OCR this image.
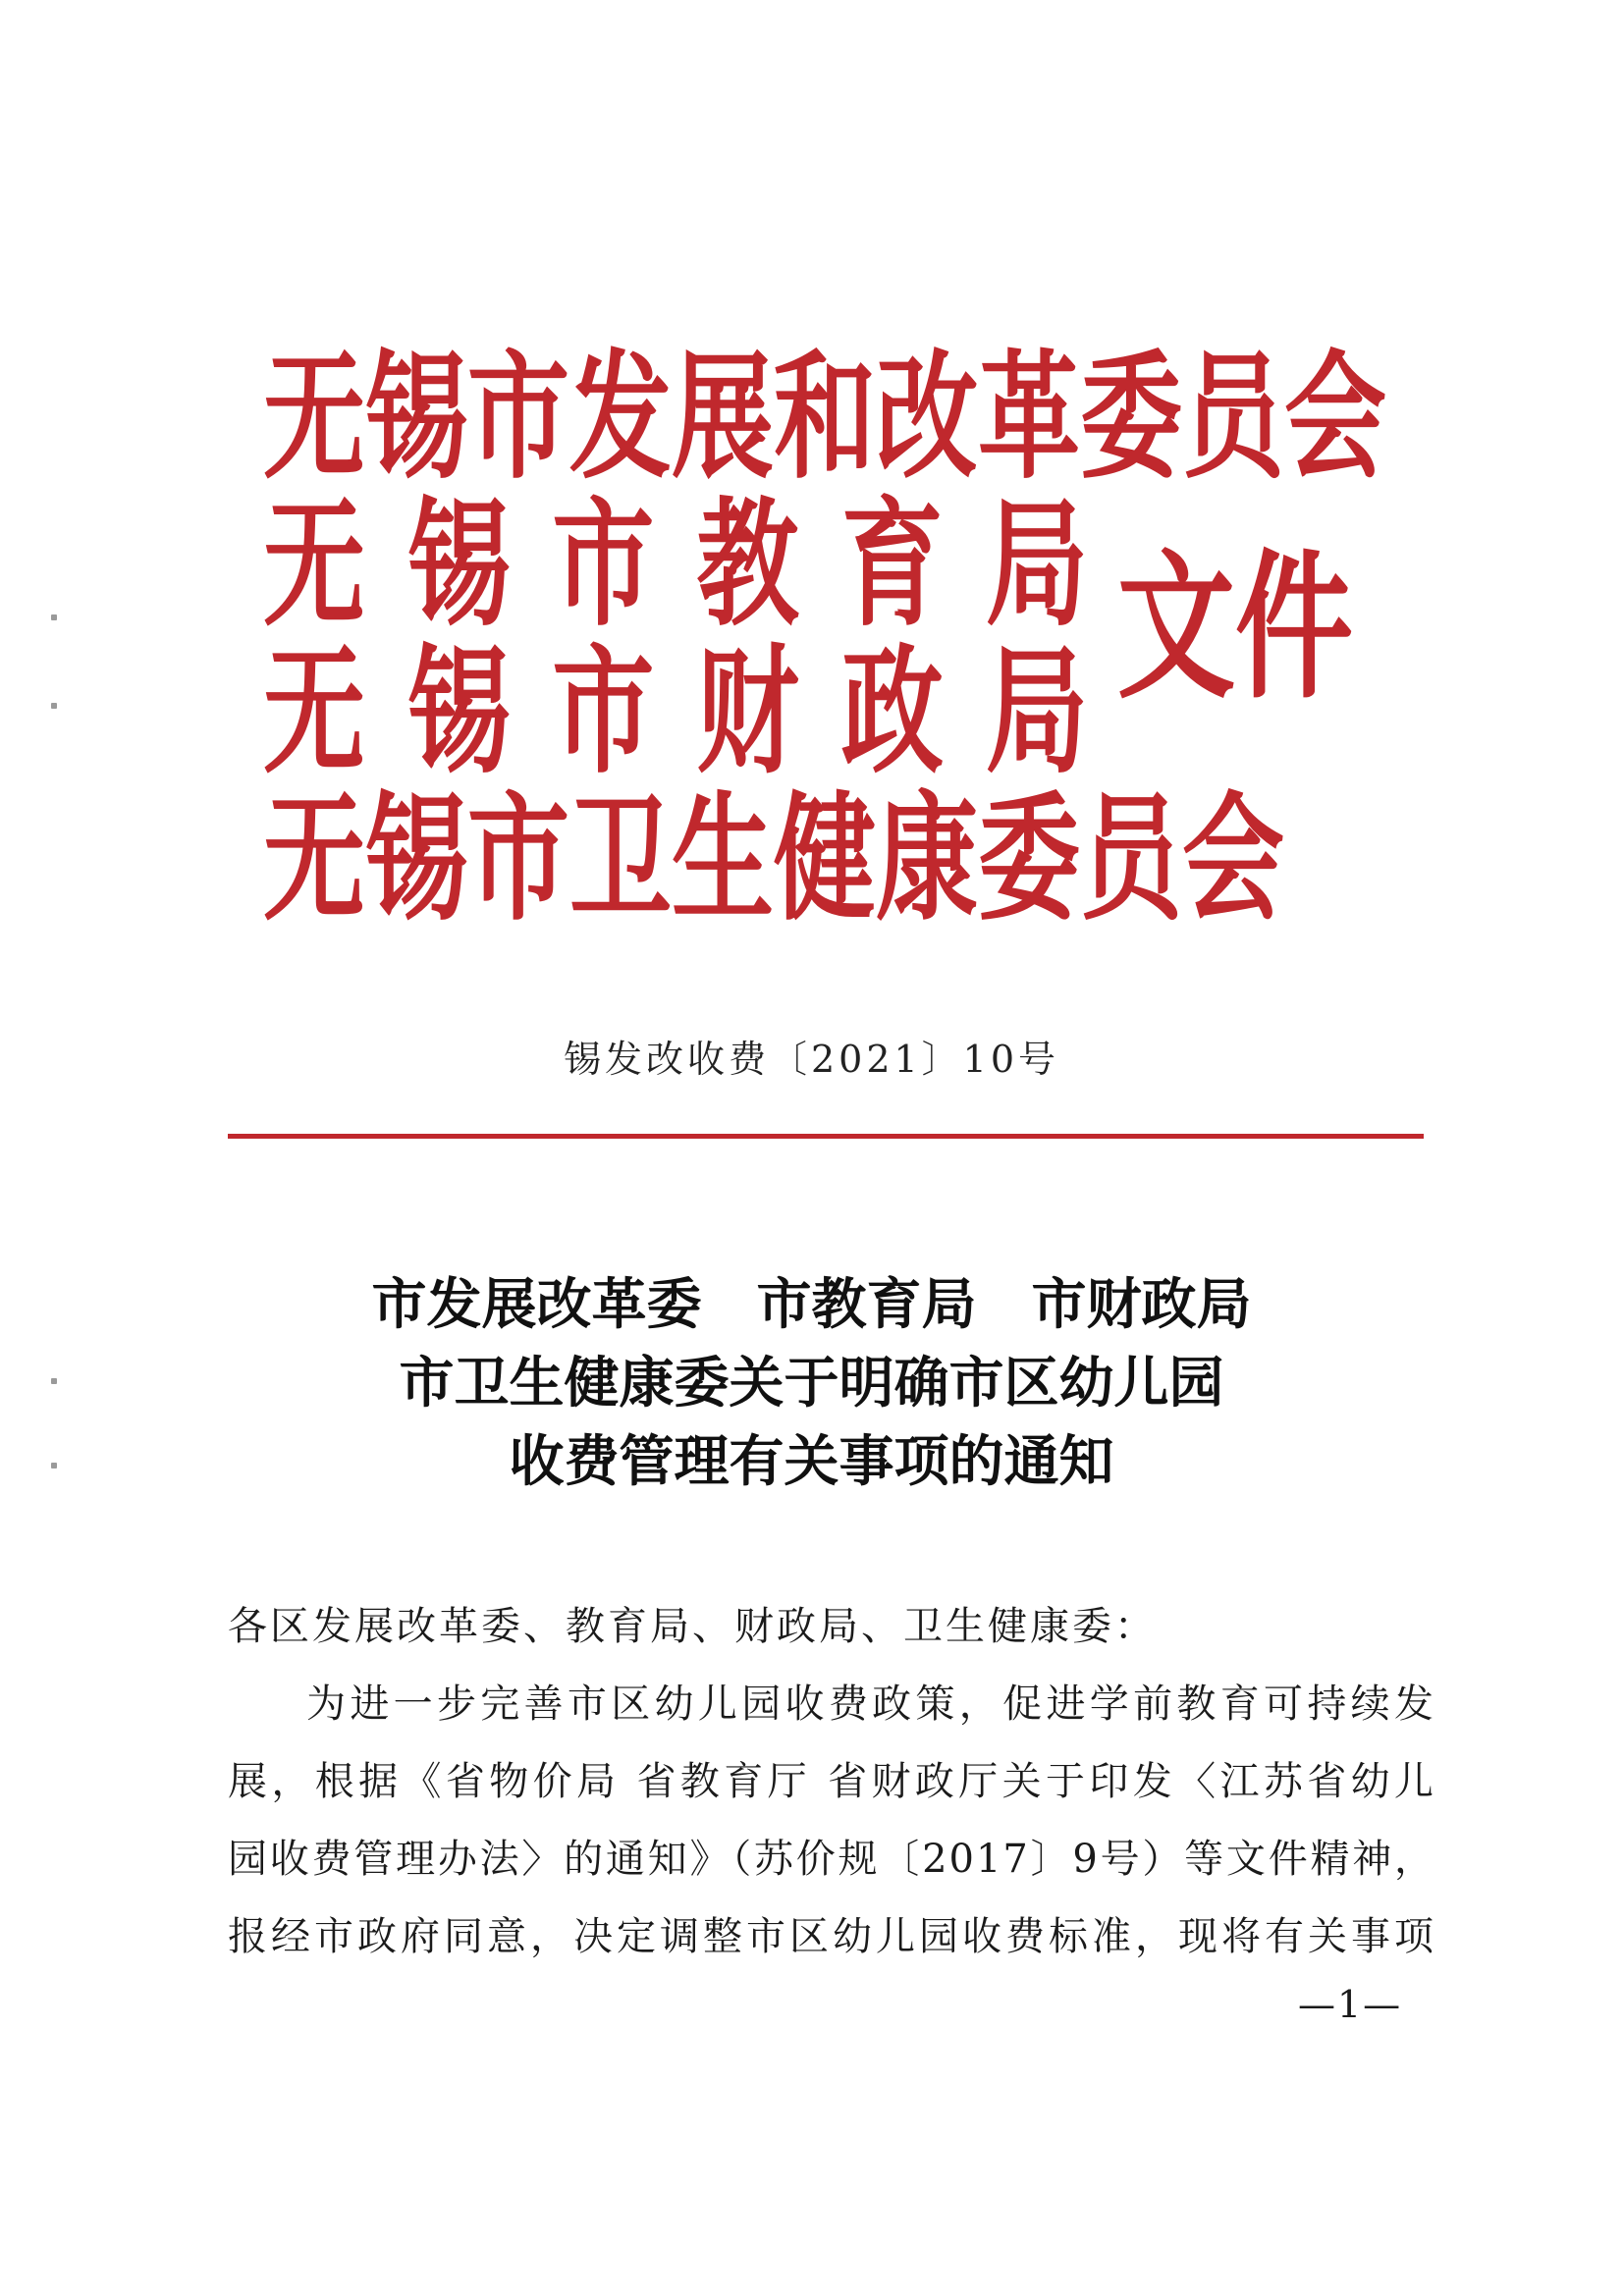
无锡市发展和改革委员会
无 锡 市 教 育 局
无 锡 市 财 政 局
无锡市卫生健康委员会
文件
锡发改收费〔2021〕10号
市发展改革委　市教育局　市财政局
市卫生健康委关于明确市区幼儿园
收费管理有关事项的通知

各区发展改革委、教育局、财政局、卫生健康委：

为进一步完善市区幼儿园收费政策，促进学前教育可持续发

展，根据《省物价局 省教育厅 省财政厅关于印发〈江苏省幼儿

园收费管理办法〉的通知》（苏价规〔2017〕9号）等文件精神，

报经市政府同意，决定调整市区幼儿园收费标准，现将有关事项

—1—
